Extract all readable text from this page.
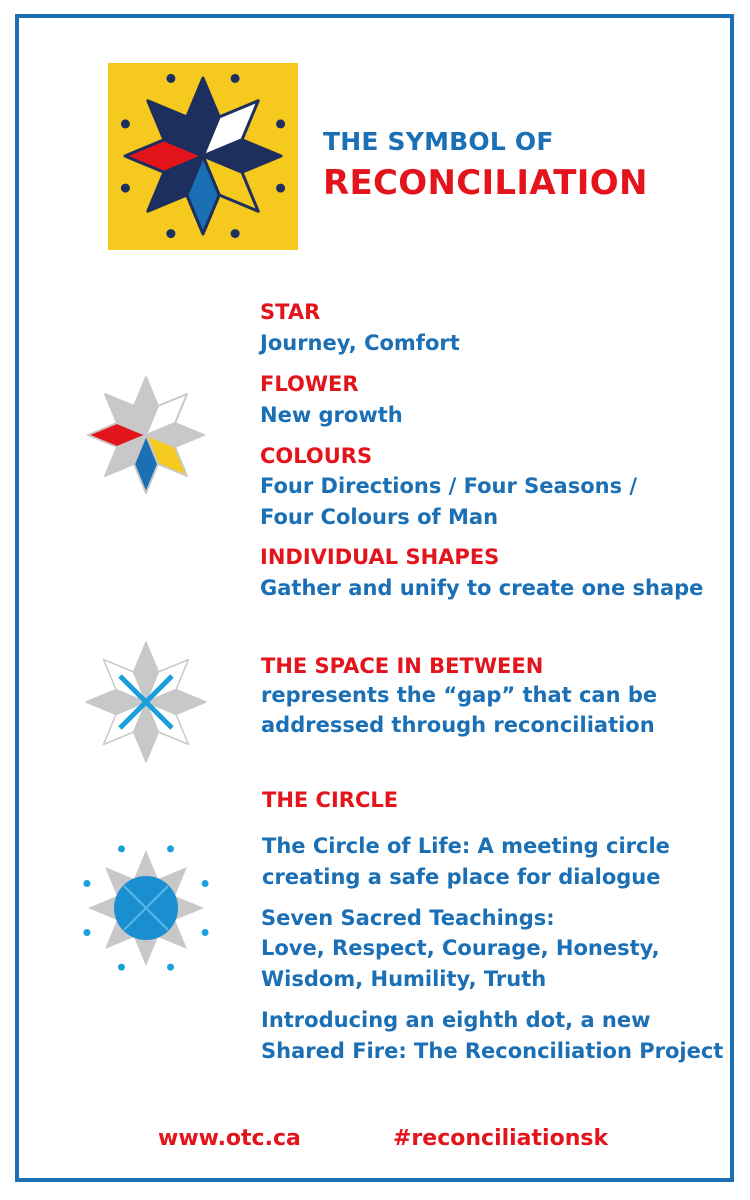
THE SYMBOL OF
RECONCILIATION
STAR
Journey, Comfort
FLOWER
New growth
COLOURS
Four Directions / Four Seasons /
Four Colours of Man
INDIVIDUAL SHAPES
Gather and unify to create one shape
THE SPACE IN BETWEEN
represents the “gap” that can be
addressed through reconciliation
THE CIRCLE
The Circle of Life: A meeting circle
creating a safe place for dialogue
Seven Sacred Teachings:
Love, Respect, Courage, Honesty,
Wisdom, Humility, Truth
Introducing an eighth dot, a new
Shared Fire: The Reconciliation Project
www.otc.ca	#reconciliationsk
